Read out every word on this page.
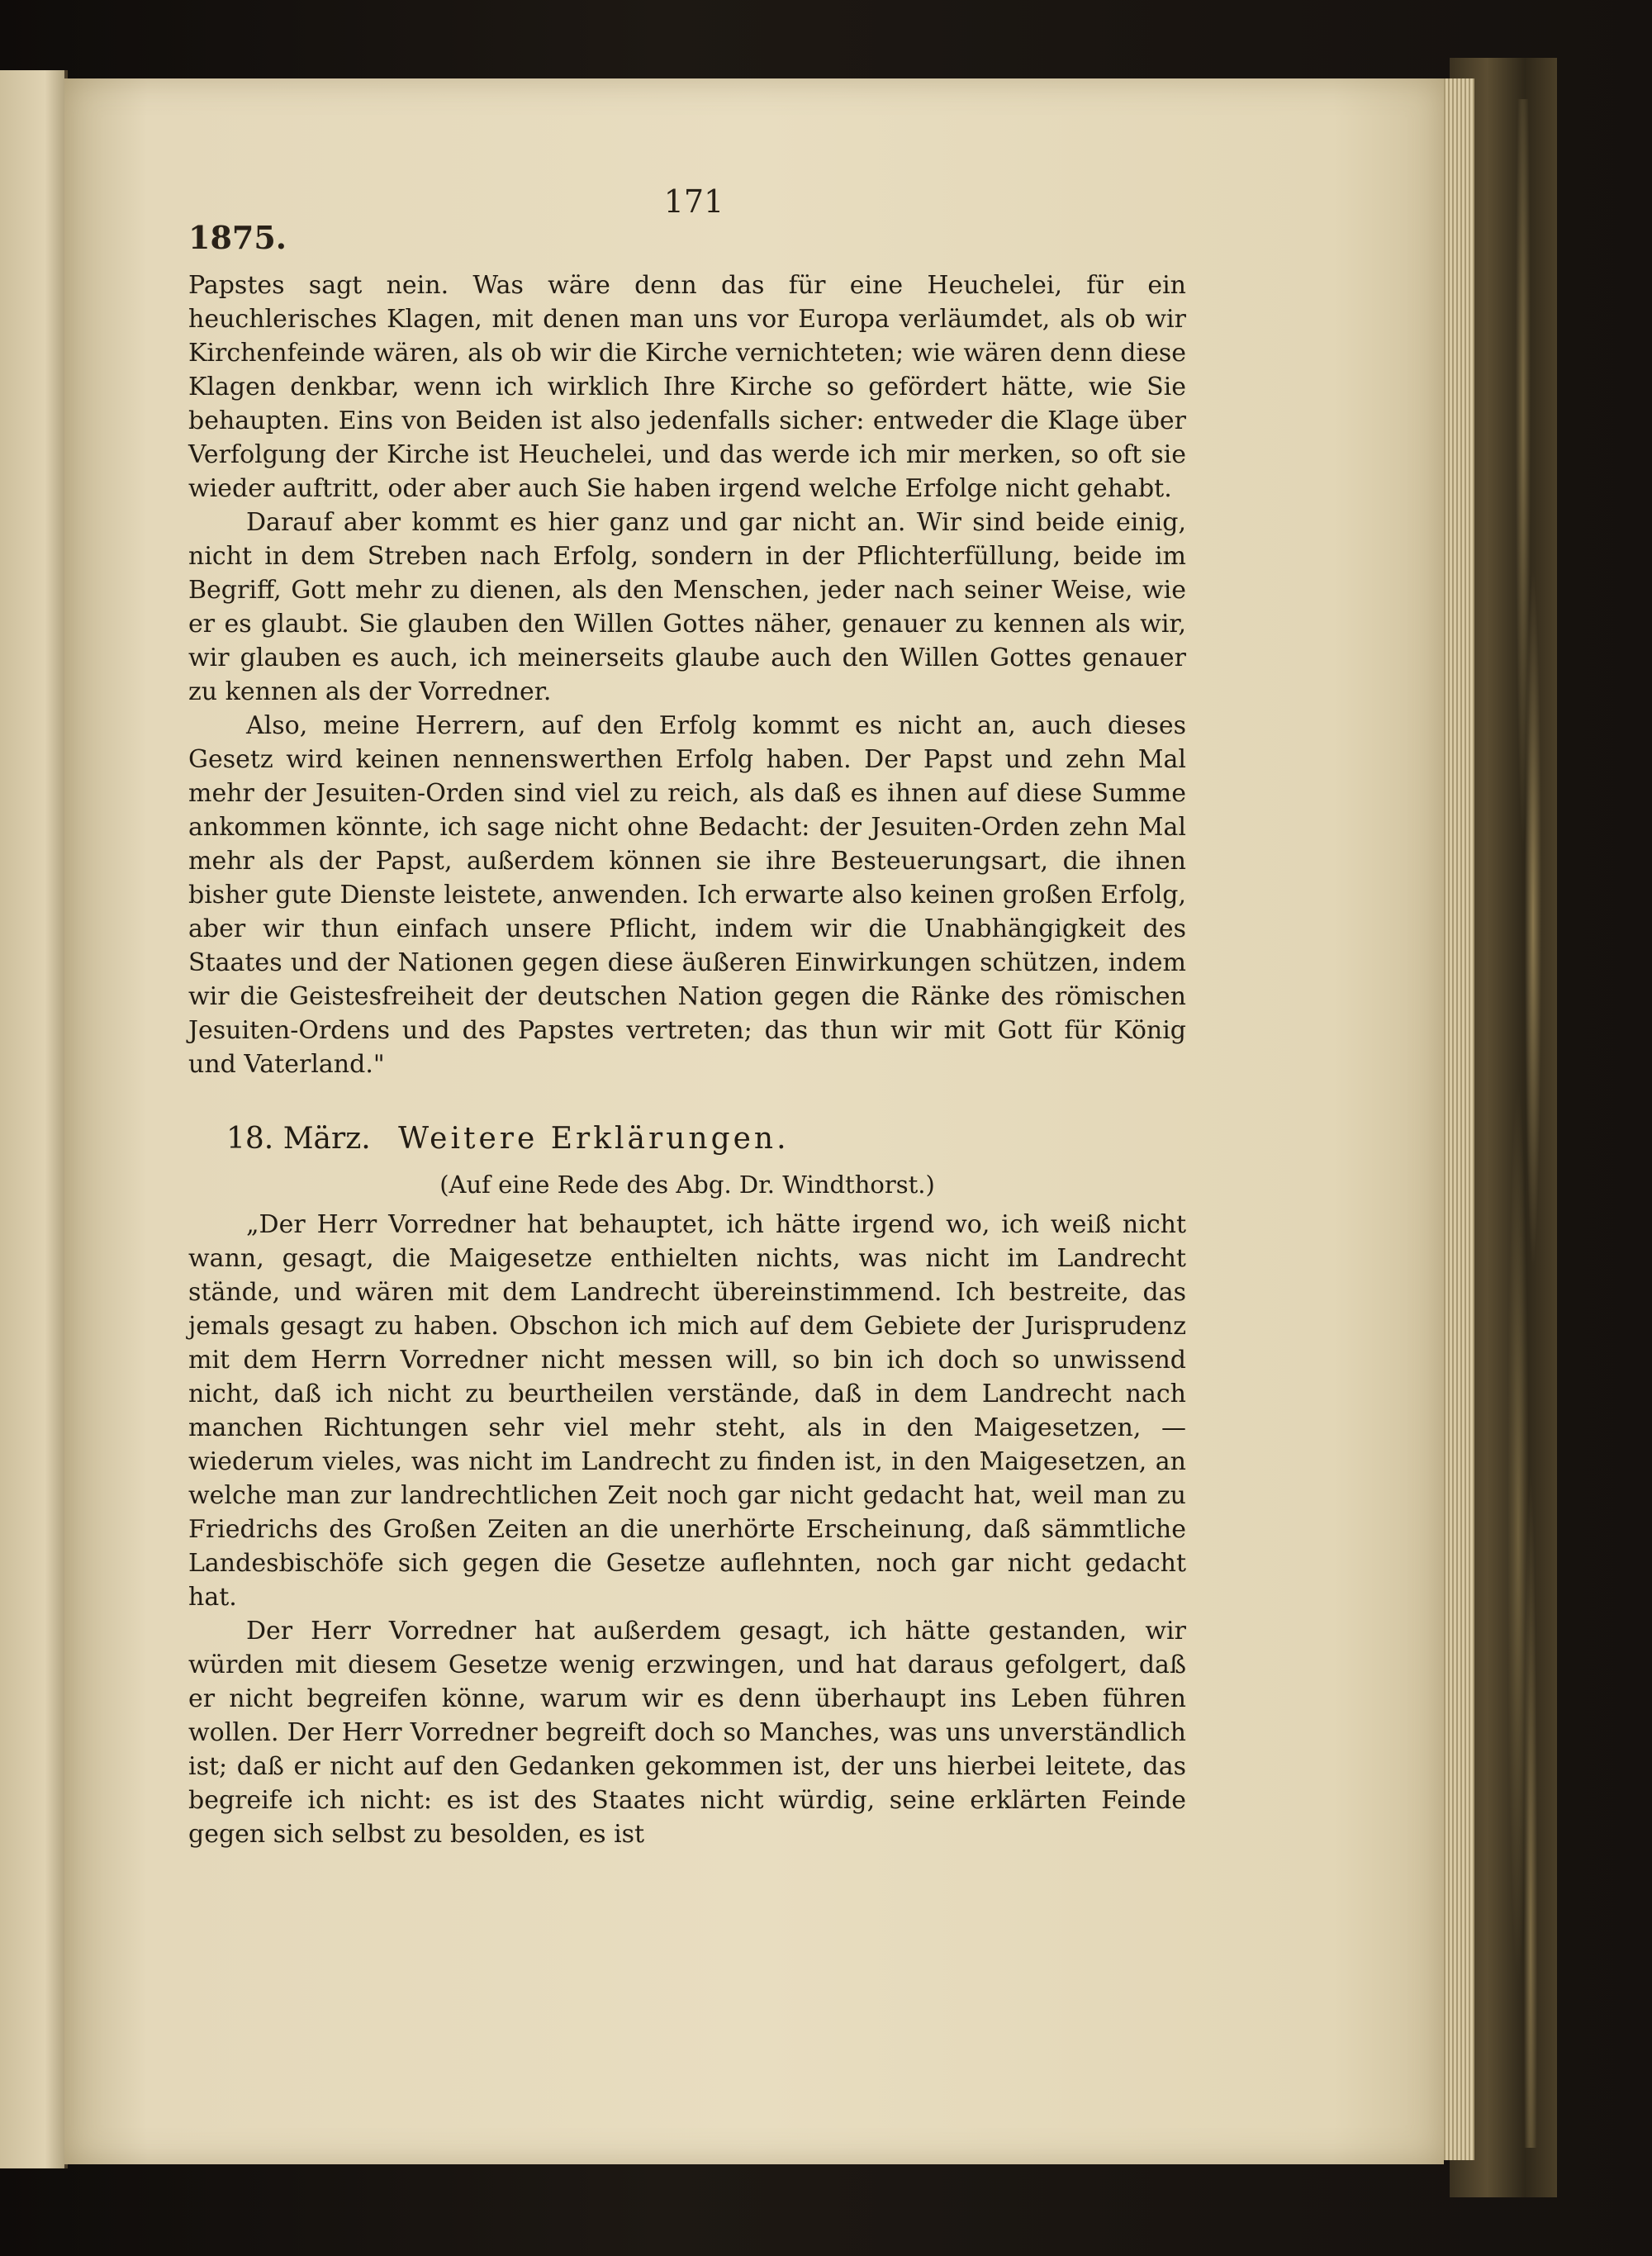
171
1875.

Papstes sagt nein. Was wäre denn das für eine Heuchelei, für ein heuchlerisches Klagen, mit denen man uns vor Europa verläumdet, als ob wir Kirchenfeinde wären, als ob wir die Kirche vernichteten; wie wären denn diese Klagen denkbar, wenn ich wirklich Ihre Kirche so gefördert hätte, wie Sie behaupten. Eins von Beiden ist also jedenfalls sicher: entweder die Klage über Verfolgung der Kirche ist Heuchelei, und das werde ich mir merken, so oft sie wieder auftritt, oder aber auch Sie haben irgend welche Erfolge nicht gehabt.

Darauf aber kommt es hier ganz und gar nicht an. Wir sind beide einig, nicht in dem Streben nach Erfolg, sondern in der Pflichterfüllung, beide im Begriff, Gott mehr zu dienen, als den Menschen, jeder nach seiner Weise, wie er es glaubt. Sie glauben den Willen Gottes näher, genauer zu kennen als wir, wir glauben es auch, ich meinerseits glaube auch den Willen Gottes genauer zu kennen als der Vorredner.

Also, meine Herrern, auf den Erfolg kommt es nicht an, auch dieses Gesetz wird keinen nennenswerthen Erfolg haben. Der Papst und zehn Mal mehr der Jesuiten-Orden sind viel zu reich, als daß es ihnen auf diese Summe ankommen könnte, ich sage nicht ohne Bedacht: der Jesuiten-Orden zehn Mal mehr als der Papst, außerdem können sie ihre Besteuerungsart, die ihnen bisher gute Dienste leistete, anwenden. Ich erwarte also keinen großen Erfolg, aber wir thun einfach unsere Pflicht, indem wir die Unabhängigkeit des Staates und der Nationen gegen diese äußeren Einwirkungen schützen, indem wir die Geistesfreiheit der deutschen Nation gegen die Ränke des römischen Jesuiten-Ordens und des Papstes vertreten; das thun wir mit Gott für König und Vaterland."

18. März. Weitere Erklärungen.

(Auf eine Rede des Abg. Dr. Windthorst.)

„Der Herr Vorredner hat behauptet, ich hätte irgend wo, ich weiß nicht wann, gesagt, die Maigesetze enthielten nichts, was nicht im Landrecht stände, und wären mit dem Landrecht übereinstimmend. Ich bestreite, das jemals gesagt zu haben. Obschon ich mich auf dem Gebiete der Jurisprudenz mit dem Herrn Vorredner nicht messen will, so bin ich doch so unwissend nicht, daß ich nicht zu beurtheilen verstände, daß in dem Landrecht nach manchen Richtungen sehr viel mehr steht, als in den Maigesetzen, — wiederum vieles, was nicht im Landrecht zu finden ist, in den Maigesetzen, an welche man zur landrechtlichen Zeit noch gar nicht gedacht hat, weil man zu Friedrichs des Großen Zeiten an die unerhörte Erscheinung, daß sämmtliche Landesbischöfe sich gegen die Gesetze auflehnten, noch gar nicht gedacht hat.

Der Herr Vorredner hat außerdem gesagt, ich hätte gestanden, wir würden mit diesem Gesetze wenig erzwingen, und hat daraus gefolgert, daß er nicht begreifen könne, warum wir es denn überhaupt ins Leben führen wollen. Der Herr Vorredner begreift doch so Manches, was uns unverständlich ist; daß er nicht auf den Gedanken gekommen ist, der uns hierbei leitete, das begreife ich nicht: es ist des Staates nicht würdig, seine erklärten Feinde gegen sich selbst zu besolden, es ist
